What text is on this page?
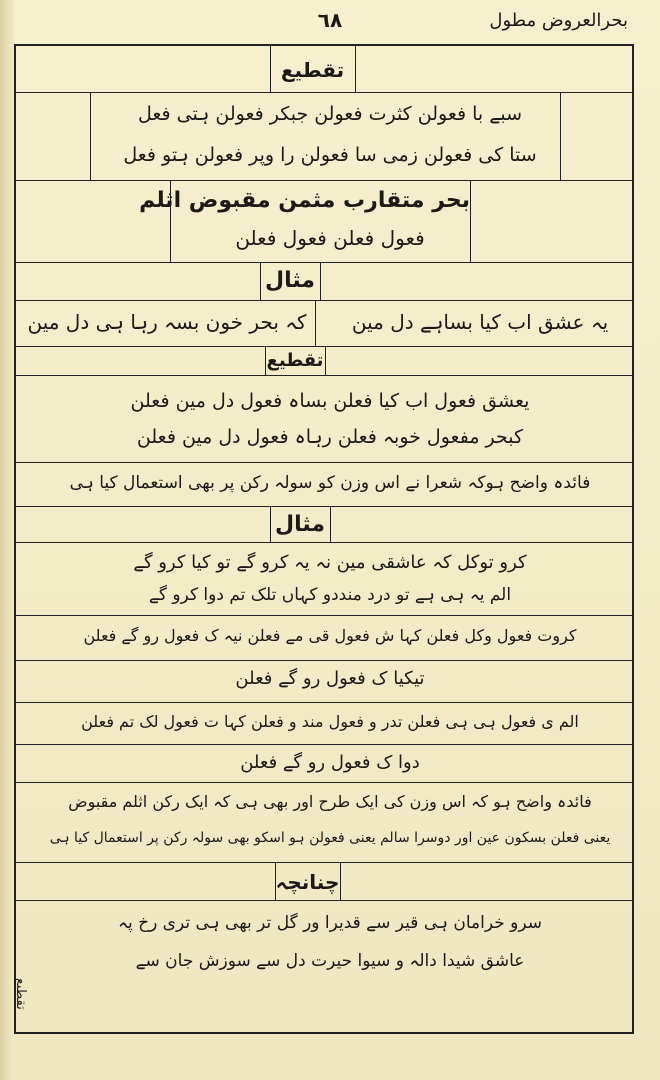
بحرالعروض مطول
٦٨
تقطیع
بحر متقارب مثمن مقبوض اثلم
مثال
تقطیع
مثال
چنانچہ
سبے با فعولن کثرت فعولن جبکر فعولن ہتی فعل
ستا کی فعولن زمی سا فعولن را وپر فعولن ہتو فعل
فعول فعلن فعول فعلن
یہ عشق اب کیا بساہے دل مین
کہ بحر خون بسہ رہا ہی دل مین
یعشق فعول اب کیا فعلن بساہ فعول دل مین فعلن
کبحر مفعول خوبہ فعلن رہاہ فعول دل مین فعلن
فائدہ واضح ہوکہ شعرا نے اس وزن کو سولہ رکن پر بھی استعمال کیا ہی
کرو توکل کہ عاشقی مین نہ یہ کرو گے تو کیا کرو گے
الم یہ ہی ہے تو درد منددو کہاں تلک تم دوا کرو گے
کروت فعول وکل فعلن کہا ش فعول قی مے فعلن نیہ ک فعول رو گے فعلن
تیکیا ک فعول رو گے فعلن
الم ی فعول ہی ہی فعلن تدر و فعول مند و فعلن کہا ت فعول لک تم فعلن
دوا ک فعول رو گے فعلن
فائدہ واضح ہو کہ اس وزن کی ایک طرح اور بھی ہی کہ ایک رکن اثلم مقبوض
یعنی فعلن بسکون عین اور دوسرا سالم یعنی فعولن ہو اسکو بھی سولہ رکن پر استعمال کیا ہی
سرو خرامان ہی قیر سے قدیرا ور گل تر بھی ہی تری رخ پہ
عاشق شیدا دالہ و سیوا حیرت دل سے سوزش جان سے
تقطیع
